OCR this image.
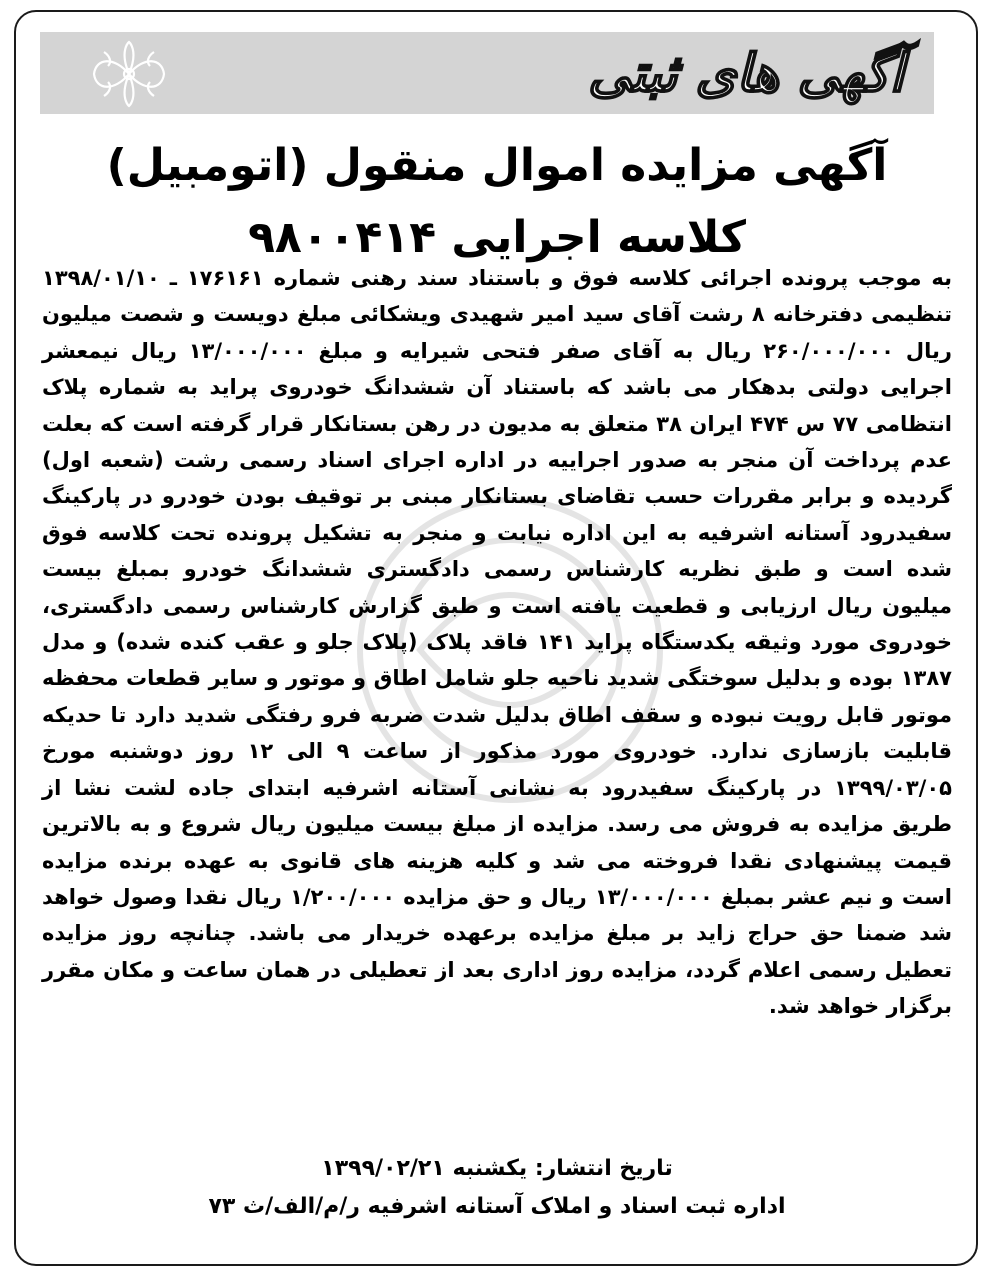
آگهی های ثبتی
آگهی مزایده اموال منقول (اتومبیل) کلاسه اجرایی ۹۸۰۰۴۱۴
به موجب پرونده اجرائی کلاسه فوق و باستناد سند رهنی شماره ۱۷۶۱۶۱ ـ ۱۳۹۸/۰۱/۱۰ تنظیمی دفترخانه ۸ رشت آقای سید امیر شهیدی ویشکائی مبلغ دویست و شصت میلیون ریال ۲۶۰/۰۰۰/۰۰۰ ریال به آقای صفر فتحی شیرایه و مبلغ ۱۳/۰۰۰/۰۰۰ ریال نیمعشر اجرایی دولتی بدهکار می باشد که باستناد آن ششدانگ خودروی پراید به شماره پلاک انتظامی ۷۷ س ۴۷۴ ایران ۳۸ متعلق به مدیون در رهن بستانکار قرار گرفته است که بعلت عدم پرداخت آن منجر به صدور اجراییه در اداره اجرای اسناد رسمی رشت (شعبه اول) گردیده و برابر مقررات حسب تقاضای بستانکار مبنی بر توقیف بودن خودرو در پارکینگ سفیدرود آستانه اشرفیه به این اداره نیابت و منجر به تشکیل پرونده تحت کلاسه فوق شده است و طبق نظریه کارشناس رسمی دادگستری ششدانگ خودرو بمبلغ بیست میلیون ریال ارزیابی و قطعیت یافته است و طبق گزارش کارشناس رسمی دادگستری، خودروی مورد وثیقه یکدستگاه پراید ۱۴۱ فاقد پلاک (پلاک جلو و عقب کنده شده) و مدل ۱۳۸۷ بوده و بدلیل سوختگی شدید ناحیه جلو شامل اطاق و موتور و سایر قطعات محفظه موتور قابل رویت نبوده و سقف اطاق بدلیل شدت ضربه فرو رفتگی شدید دارد تا حدیکه قابلیت بازسازی ندارد. خودروی مورد مذکور از ساعت ۹ الی ۱۲ روز دوشنبه مورخ ۱۳۹۹/۰۳/۰۵ در پارکینگ سفیدرود به نشانی آستانه اشرفیه ابتدای جاده لشت نشا از طریق مزایده به فروش می رسد. مزایده از مبلغ بیست میلیون ریال شروع و به بالاترین قیمت پیشنهادی نقدا فروخته می شد و کلیه هزینه های قانوی به عهده برنده مزایده است و نیم عشر بمبلغ ۱۳/۰۰۰/۰۰۰ ریال و حق مزایده ۱/۲۰۰/۰۰۰ ریال نقدا وصول خواهد شد ضمنا حق حراج زاید بر مبلغ مزایده برعهده خریدار می باشد. چنانچه روز مزایده تعطیل رسمی اعلام گردد، مزایده روز اداری بعد از تعطیلی در همان ساعت و مکان مقرر برگزار خواهد شد.
تاریخ انتشار: یکشنبه ۱۳۹۹/۰۲/۲۱
اداره ثبت اسناد و املاک آستانه اشرفیه ر/م/الف/ث ۷۳
